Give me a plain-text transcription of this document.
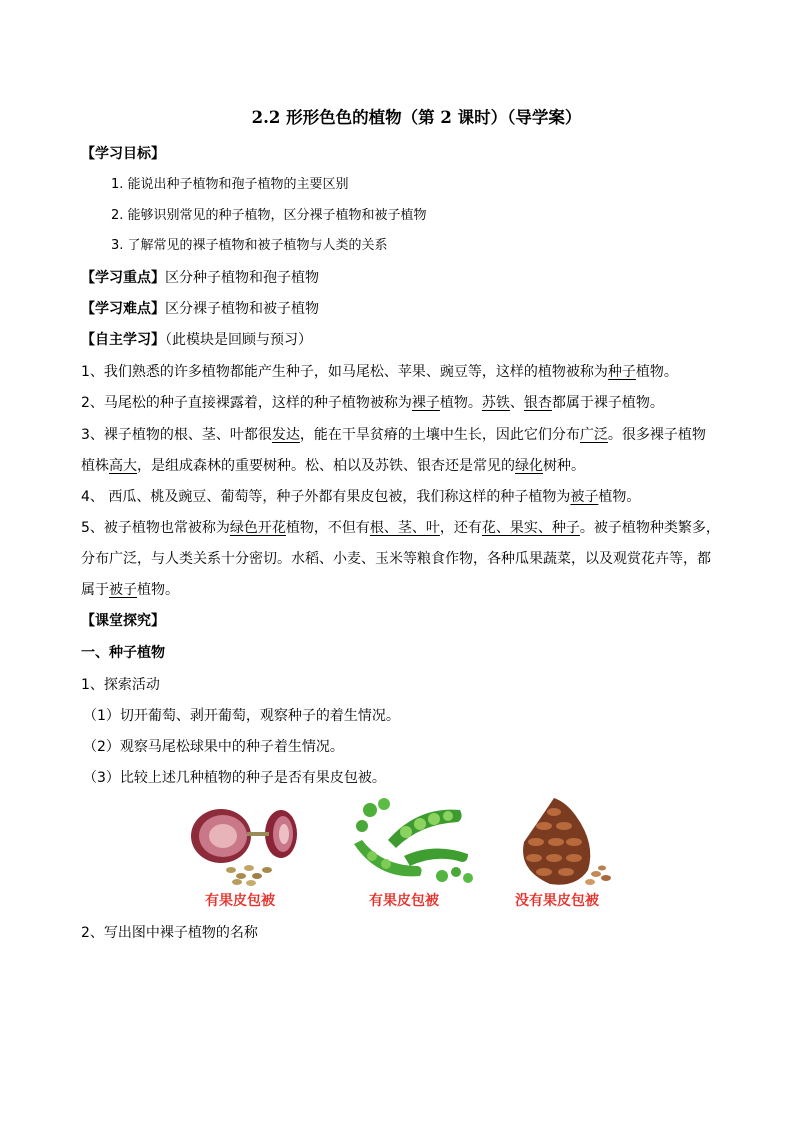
2.2 形形色色的植物（第 2 课时）（导学案）
【学习目标】
1. 能说出种子植物和孢子植物的主要区别
2. 能够识别常见的种子植物，区分裸子植物和被子植物
3. 了解常见的裸子植物和被子植物与人类的关系
【学习重点】区分种子植物和孢子植物
【学习难点】区分裸子植物和被子植物
【自主学习】（此模块是回顾与预习）
1、我们熟悉的许多植物都能产生种子，如马尾松、苹果、豌豆等，这样的植物被称为种子植物。
2、马尾松的种子直接裸露着，这样的种子植物被称为裸子植物。苏铁、银杏都属于裸子植物。
3、裸子植物的根、茎、叶都很发达，能在干旱贫瘠的土壤中生长，因此它们分布广泛。很多裸子植物
植株高大，是组成森林的重要树种。松、柏以及苏铁、银杏还是常见的绿化树种。
4、 西瓜、桃及豌豆、葡萄等，种子外都有果皮包被，我们称这样的种子植物为被子植物。
5、被子植物也常被称为绿色开花植物，不但有根、茎、叶，还有花、果实、种子。被子植物种类繁多，
分布广泛，与人类关系十分密切。水稻、小麦、玉米等粮食作物，各种瓜果蔬菜，以及观赏花卉等，都
属于被子植物。
【课堂探究】
一、种子植物
1、探索活动
（1）切开葡萄、剥开葡萄，观察种子的着生情况。
（2）观察马尾松球果中的种子着生情况。
（3）比较上述几种植物的种子是否有果皮包被。
有果皮包被	有果皮包被	没有果皮包被
2、写出图中裸子植物的名称
